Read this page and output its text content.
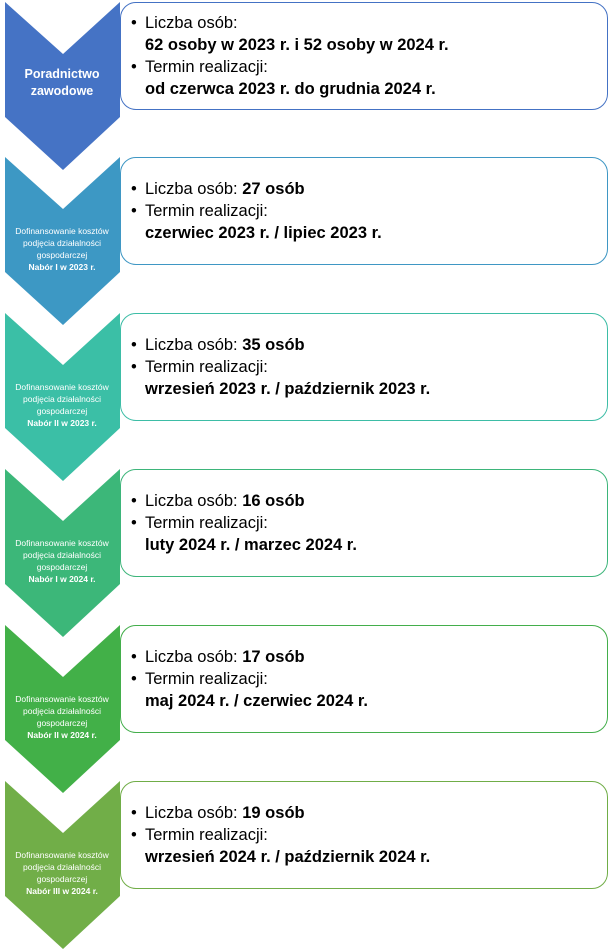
Poradnictwo
zawodowe
Dofinansowanie kosztów
podjęcia działalności
gospodarczej
Nabór I w 2023 r.
Dofinansowanie kosztów
podjęcia działalności
gospodarczej
Nabór II w 2023 r.
Dofinansowanie kosztów
podjęcia działalności
gospodarczej
Nabór I w 2024 r.
Dofinansowanie kosztów
podjęcia działalności
gospodarczej
Nabór II w 2024 r.
Dofinansowanie kosztów
podjęcia działalności
gospodarczej
Nabór III w 2024 r.
• Liczba osób:
62 osoby w 2023 r. i 52 osoby w 2024 r.
• Termin realizacji:
od czerwca 2023 r. do grudnia 2024 r.
• Liczba osób: 27 osób
• Termin realizacji:
czerwiec 2023 r. / lipiec 2023 r.
• Liczba osób: 35 osób
• Termin realizacji:
wrzesień 2023 r. / październik 2023 r.
• Liczba osób: 16 osób
• Termin realizacji:
luty 2024 r. / marzec 2024 r.
• Liczba osób: 17 osób
• Termin realizacji:
maj 2024 r. / czerwiec 2024 r.
• Liczba osób: 19 osób
• Termin realizacji:
wrzesień 2024 r. / październik 2024 r.
